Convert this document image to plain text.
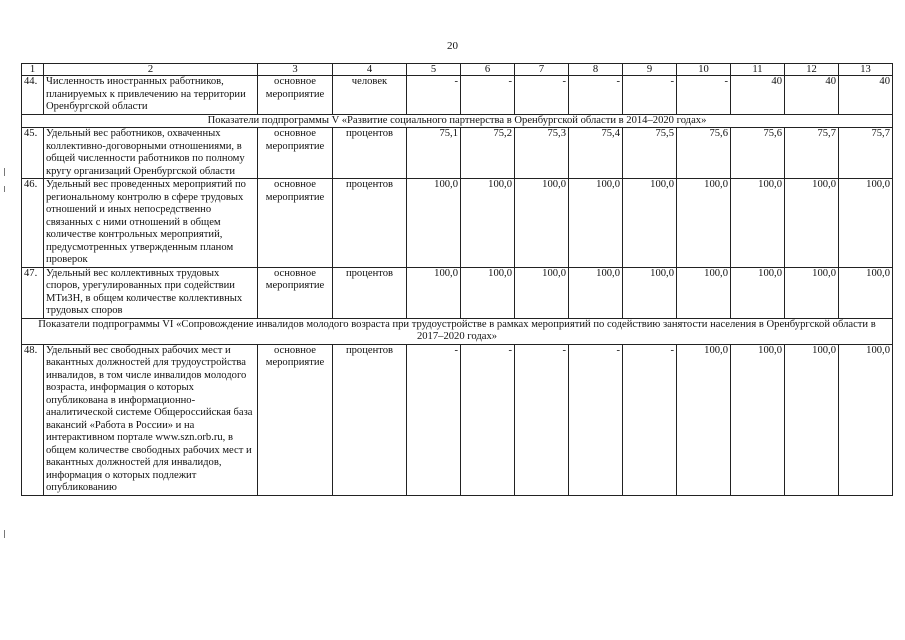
20
1	2	3	4	5	6	7	8	9	10	11	12	13
44.	Численность иностранных работников, планируемых к привлечению на территории Оренбургской области	основное мероприятие	человек	-	-	-	-	-	-	40	40	40
Показатели подпрограммы V «Развитие социального партнерства в Оренбургской области в 2014–2020 годах»												
45.	Удельный вес работников, охваченных коллективно-договорными отношениями, в общей численности работников по полному кругу организаций Оренбургской области	основное мероприятие	процентов	75,1	75,2	75,3	75,4	75,5	75,6	75,6	75,7	75,7
46.	Удельный вес проведенных мероприятий по региональному контролю в сфере трудовых отношений и иных непосредственно связанных с ними отношений в общем количестве контрольных мероприятий, предусмотренных утвержденным планом проверок	основное мероприятие	процентов	100,0	100,0	100,0	100,0	100,0	100,0	100,0	100,0	100,0
47.	Удельный вес коллективных трудовых споров, урегулированных при содействии МТиЗН, в общем количестве коллективных трудовых споров	основное мероприятие	процентов	100,0	100,0	100,0	100,0	100,0	100,0	100,0	100,0	100,0
Показатели подпрограммы VI «Сопровождение инвалидов молодого возраста при трудоустройстве в рамках мероприятий по содействию занятости населения в Оренбургской области в 2017–2020 годах»												
48.	Удельный вес свободных рабочих мест и вакантных должностей для трудоустройства инвалидов, в том числе инвалидов молодого возраста, информация о которых опубликована в информационно-аналитической системе Общероссийская база вакансий «Работа в России» и на интерактивном портале www.szn.orb.ru, в общем количестве свободных рабочих мест и вакантных должностей для инвалидов, информация о которых подлежит опубликованию	основное мероприятие	процентов	-	-	-	-	-	100,0	100,0	100,0	100,0
